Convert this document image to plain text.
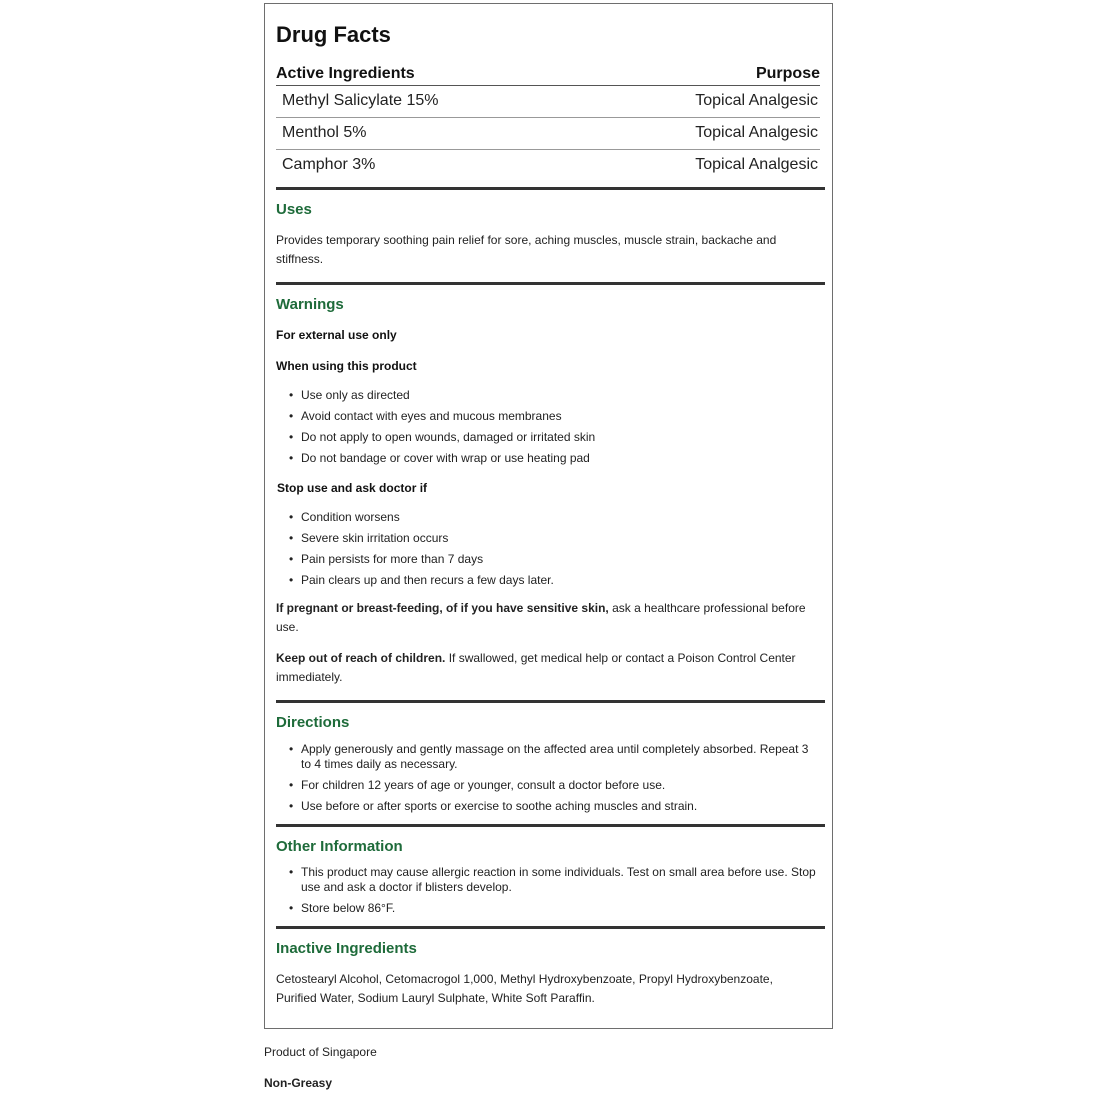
Drug Facts
Active Ingredients	Purpose
Methyl Salicylate 15%	Topical Analgesic
Menthol 5%	Topical Analgesic
Camphor 3%	Topical Analgesic
Uses

Provides temporary soothing pain relief for sore, aching muscles, muscle strain, backache and stiffness.

Warnings

For external use only

When using this product

• Use only as directed
• Avoid contact with eyes and mucous membranes
• Do not apply to open wounds, damaged or irritated skin
• Do not bandage or cover with wrap or use heating pad

Stop use and ask doctor if

• Condition worsens
• Severe skin irritation occurs
• Pain persists for more than 7 days
• Pain clears up and then recurs a few days later.

If pregnant or breast-feeding, of if you have sensitive skin, ask a healthcare professional before use.

Keep out of reach of children. If swallowed, get medical help or contact a Poison Control Center immediately.

Directions
• Apply generously and gently massage on the affected area until completely absorbed. Repeat 3 to 4 times daily as necessary.
• For children 12 years of age or younger, consult a doctor before use.
• Use before or after sports or exercise to soothe aching muscles and strain.
Other Information
• This product may cause allergic reaction in some individuals. Test on small area before use. Stop use and ask a doctor if blisters develop.
• Store below 86°F.
Inactive Ingredients

Cetostearyl Alcohol, Cetomacrogol 1,000, Methyl Hydroxybenzoate, Propyl Hydroxybenzoate, Purified Water, Sodium Lauryl Sulphate, White Soft Paraffin.

Product of Singapore

Non-Greasy
